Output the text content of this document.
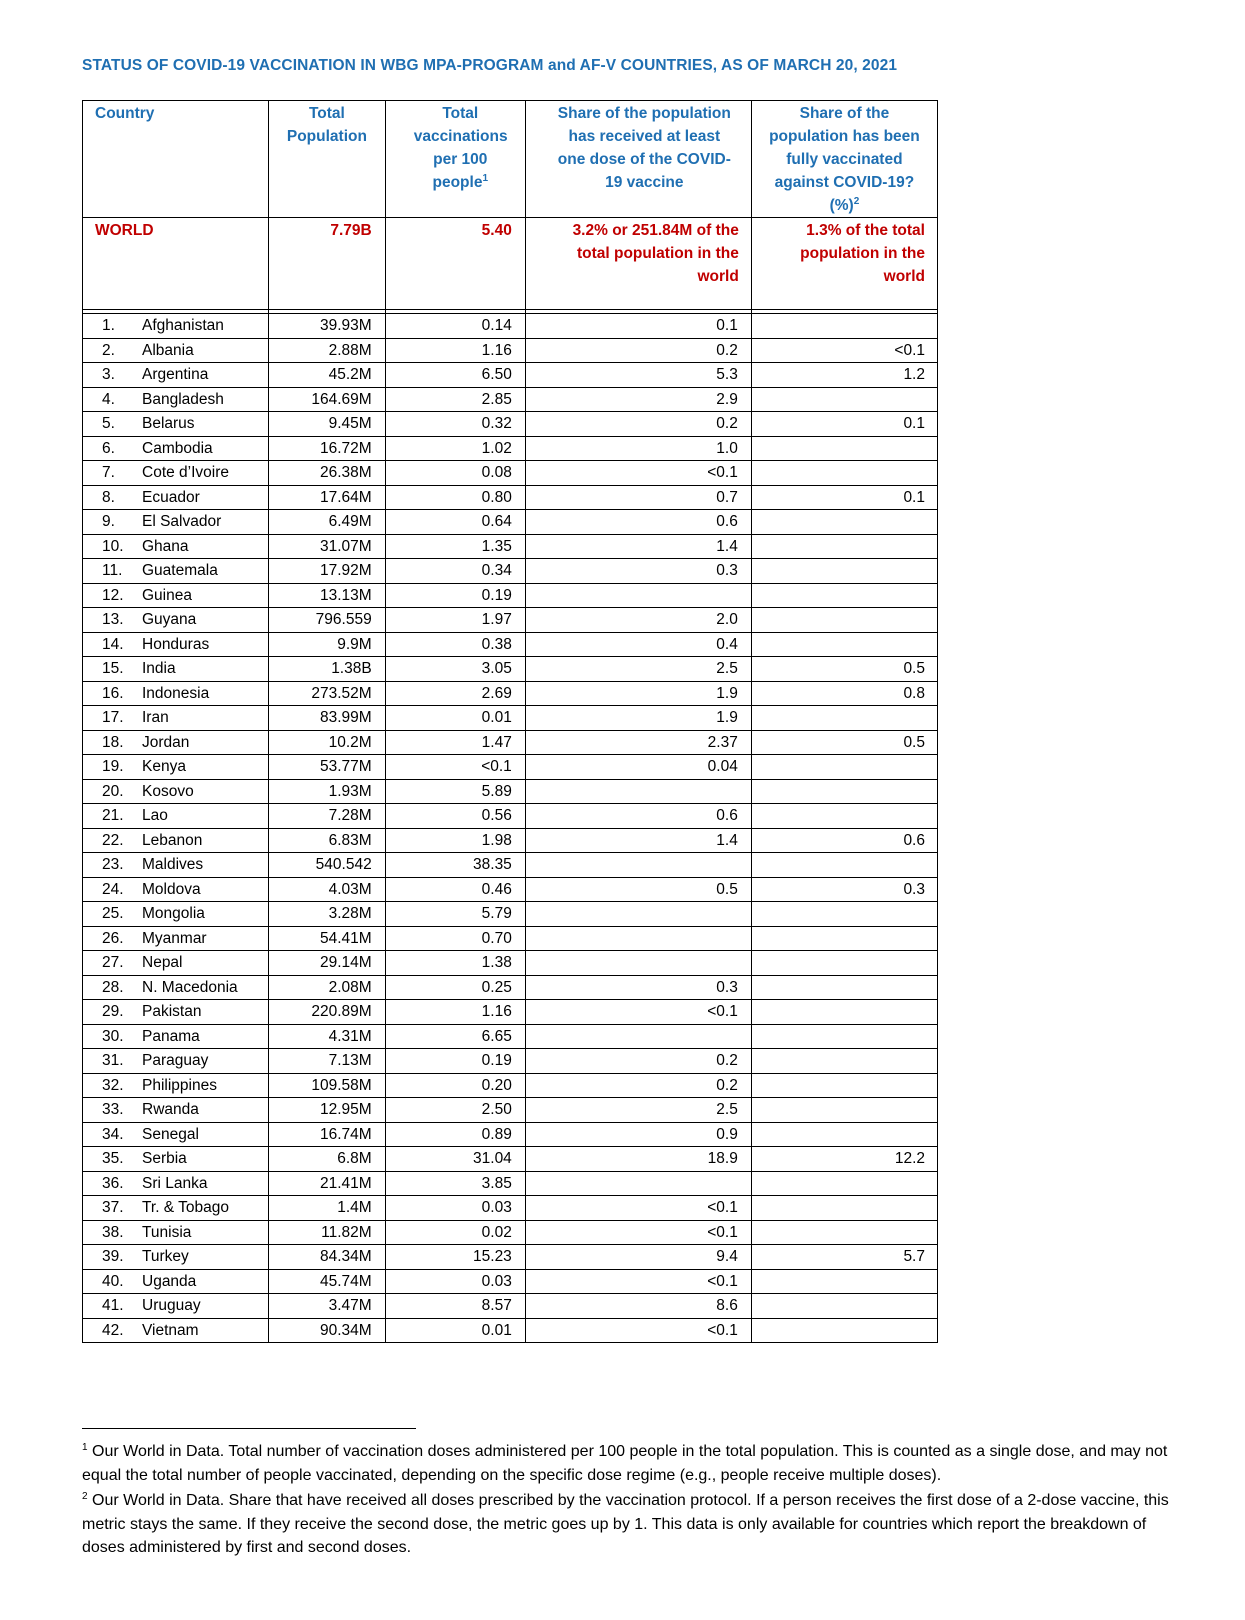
STATUS OF COVID-19 VACCINATION IN WBG MPA-PROGRAM and AF-V COUNTRIES, AS OF MARCH 20, 2021
Country	Total Population	Total vaccinations per 100 people$^1$	Share of the population has received at least one dose of the COVID-19 vaccine	Share of the population has been fully vaccinated against COVID-19? (%)$^2$

WORLD	7.79B	5.40	3.2% or 251.84M of the total population in the world	1.3% of the total population in the world

1. Afghanistan	39.93M	0.14	0.1	
2. Albania	2.88M	1.16	0.2	<0.1
3. Argentina	45.2M	6.50	5.3	1.2
4. Bangladesh	164.69M	2.85	2.9	
5. Belarus	9.45M	0.32	0.2	0.1
6. Cambodia	16.72M	1.02	1.0	
7. Cote d’Ivoire	26.38M	0.08	<0.1	
8. Ecuador	17.64M	0.80	0.7	0.1
9. El Salvador	6.49M	0.64	0.6	
10. Ghana	31.07M	1.35	1.4	
11. Guatemala	17.92M	0.34	0.3	
12. Guinea	13.13M	0.19		
13. Guyana	796.559	1.97	2.0	
14. Honduras	9.9M	0.38	0.4	
15. India	1.38B	3.05	2.5	0.5
16. Indonesia	273.52M	2.69	1.9	0.8
17. Iran	83.99M	0.01	1.9	
18. Jordan	10.2M	1.47	2.37	0.5
19. Kenya	53.77M	<0.1	0.04	
20. Kosovo	1.93M	5.89		
21. Lao	7.28M	0.56	0.6	
22. Lebanon	6.83M	1.98	1.4	0.6
23. Maldives	540.542	38.35		
24. Moldova	4.03M	0.46	0.5	0.3
25. Mongolia	3.28M	5.79		
26. Myanmar	54.41M	0.70		
27. Nepal	29.14M	1.38		
28. N. Macedonia	2.08M	0.25	0.3	
29. Pakistan	220.89M	1.16	<0.1	
30. Panama	4.31M	6.65		
31. Paraguay	7.13M	0.19	0.2	
32. Philippines	109.58M	0.20	0.2	
33. Rwanda	12.95M	2.50	2.5	
34. Senegal	16.74M	0.89	0.9	
35. Serbia	6.8M	31.04	18.9	12.2
36. Sri Lanka	21.41M	3.85		
37. Tr. & Tobago	1.4M	0.03	<0.1	
38. Tunisia	11.82M	0.02	<0.1	
39. Turkey	84.34M	15.23	9.4	5.7
40. Uganda	45.74M	0.03	<0.1	
41. Uruguay	3.47M	8.57	8.6	
42. Vietnam	90.34M	0.01	<0.1	

$^1$ Our World in Data. Total number of vaccination doses administered per 100 people in the total population. This is counted as a single dose, and may not equal the total number of people vaccinated, depending on the specific dose regime (e.g., people receive multiple doses).

$^2$ Our World in Data. Share that have received all doses prescribed by the vaccination protocol. If a person receives the first dose of a 2-dose vaccine, this metric stays the same. If they receive the second dose, the metric goes up by 1. This data is only available for countries which report the breakdown of doses administered by first and second doses.
